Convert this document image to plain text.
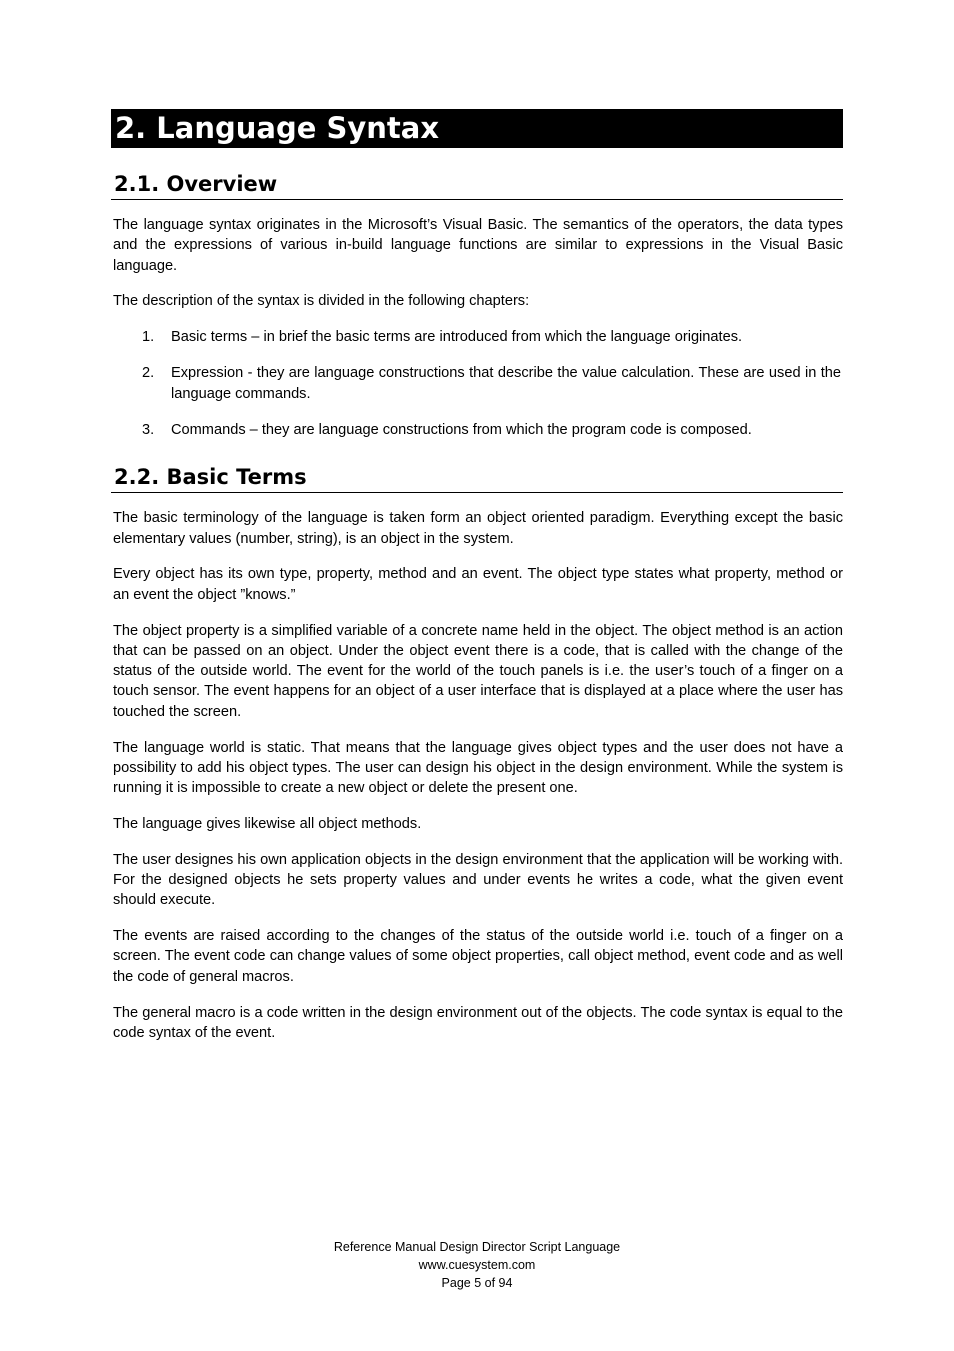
2. Language Syntax
2.1. Overview

The language syntax originates in the Microsoft’s Visual Basic. The semantics of the operators, the data types and the expressions of various in-build language functions are similar to expressions in the Visual Basic language.

The description of the syntax is divided in the following chapters:

1.	Basic terms – in brief the basic terms are introduced from which the language originates.
2.	Expression - they are language constructions that describe the value calculation. These are used in the language commands.
3.	Commands – they are language constructions from which the program code is composed.
2.2. Basic Terms

The basic terminology of the language is taken form an object oriented paradigm. Everything except the basic elementary values (number, string), is an object in the system.

Every object has its own type, property, method and an event. The object type states what property, method or an event the object ”knows.”

The object property is a simplified variable of a concrete name held in the object. The object method is an action that can be passed on an object. Under the object event there is a code, that is called with the change of the status of the outside world. The event for the world of the touch panels is i.e. the user’s touch of a finger on a touch sensor. The event happens for an object of a user interface that is displayed at a place where the user has touched the screen.

The language world is static. That means that the language gives object types and the user does not have a possibility to add his object types. The user can design his object in the design environment. While the system is running it is impossible to create a new object or delete the present one.

The language gives likewise all object methods.

The user designes his own application objects in the design environment that the application will be working with. For the designed objects he sets property values and under events he writes a code, what the given event should execute.

The events are raised according to the changes of the status of the outside world i.e. touch of a finger on a screen. The event code can change values of some object properties, call object method, event code and as well the code of general macros.

The general macro is a code written in the design environment out of the objects. The code syntax is equal to the code syntax of the event.

Reference Manual Design Director Script Language
www.cuesystem.com
Page 5 of 94
